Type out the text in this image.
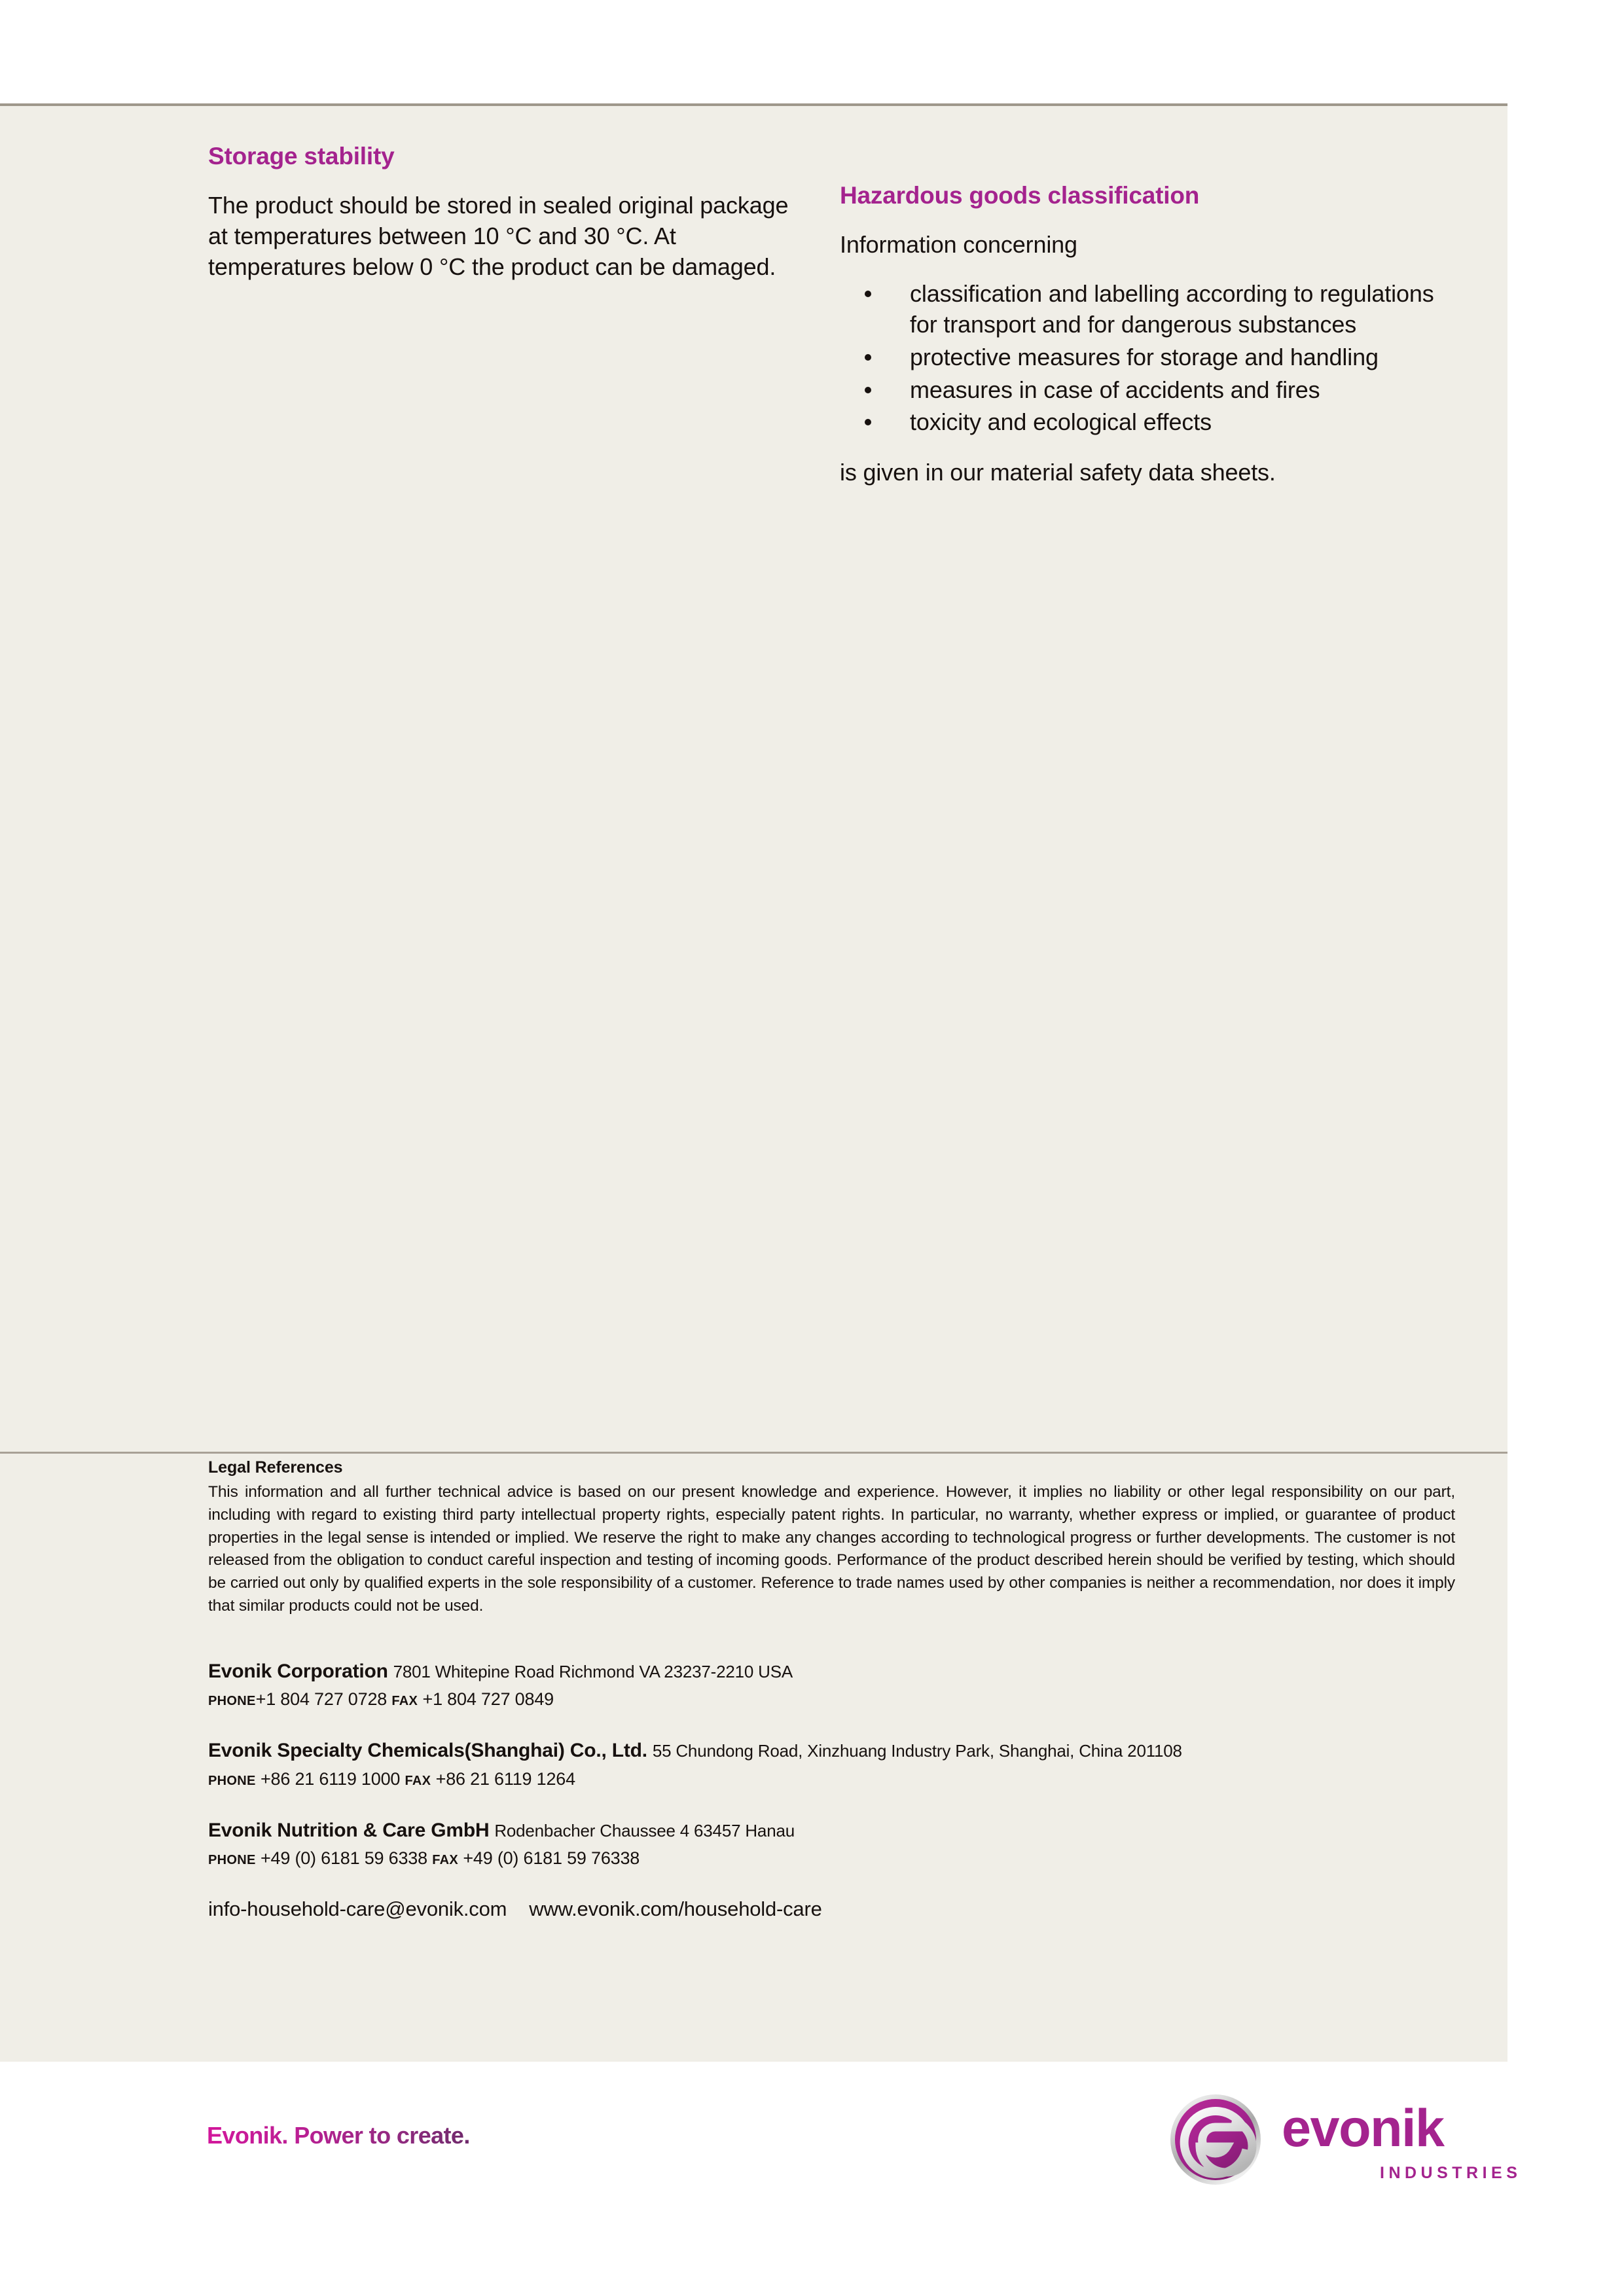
Storage stability

The product should be stored in sealed original package at temperatures between 10 °C and 30 °C. At temperatures below 0 °C the product can be damaged.

Hazardous goods classification

Information concerning

classification and labelling according to regulations for transport and for dangerous substances
protective measures for storage and handling
measures in case of accidents and fires
toxicity and ecological effects

is given in our material safety data sheets.

Legal References

This information and all further technical advice is based on our present knowledge and experience. However, it implies no liability or other legal responsibility on our part, including with regard to existing third party intellectual property rights, especially patent rights. In particular, no warranty, whether express or implied, or guarantee of product properties in the legal sense is intended or implied. We reserve the right to make any changes according to technological progress or further developments. The customer is not released from the obligation to conduct careful inspection and testing of incoming goods. Performance of the product described herein should be verified by testing, which should be carried out only by qualified experts in the sole responsibility of a customer. Reference to trade names used by other companies is neither a recommendation, nor does it imply that similar products could not be used.

Evonik Corporation 7801 Whitepine Road Richmond VA 23237-2210 USA
PHONE+1 804 727 0728 FAX +1 804 727 0849
Evonik Specialty Chemicals(Shanghai) Co., Ltd. 55 Chundong Road, Xinzhuang Industry Park, Shanghai, China 201108
PHONE +86 21 6119 1000 FAX +86 21 6119 1264
Evonik Nutrition & Care GmbH Rodenbacher Chaussee 4 63457 Hanau
PHONE +49 (0) 6181 59 6338 FAX +49 (0) 6181 59 76338
info-household-care@evonik.com www.evonik.com/household-care
Evonik. Power to create.	evonik
INDUSTRIES
